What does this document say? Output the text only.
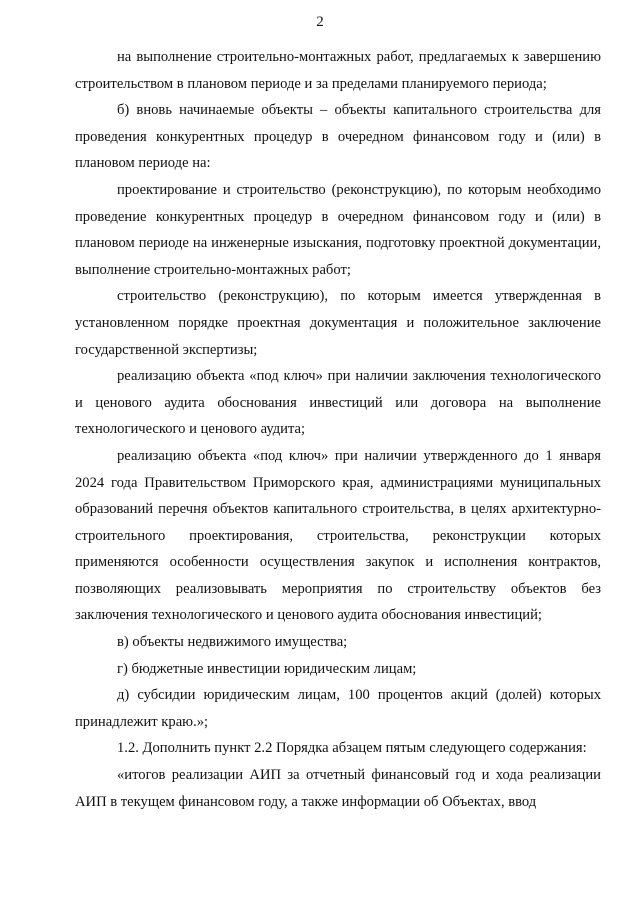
2

на выполнение строительно-монтажных работ, предлагаемых к завершению строительством в плановом периоде и за пределами планируемого периода;

б) вновь начинаемые объекты – объекты капитального строительства для проведения конкурентных процедур в очередном финансовом году и (или) в плановом периоде на:

проектирование и строительство (реконструкцию), по которым необходимо проведение конкурентных процедур в очередном финансовом году и (или) в плановом периоде на инженерные изыскания, подготовку проектной документации, выполнение строительно-монтажных работ;

строительство (реконструкцию), по которым имеется утвержденная в установленном порядке проектная документация и положительное заключение государственной экспертизы;

реализацию объекта «под ключ» при наличии заключения технологического и ценового аудита обоснования инвестиций или договора на выполнение технологического и ценового аудита;

реализацию объекта «под ключ» при наличии утвержденного до 1 января 2024 года Правительством Приморского края, администрациями муниципальных образований перечня объектов капитального строительства, в целях архитектурно-строительного проектирования, строительства, реконструкции которых применяются особенности осуществления закупок и исполнения контрактов, позволяющих реализовывать мероприятия по строительству объектов без заключения технологического и ценового аудита обоснования инвестиций;

в) объекты недвижимого имущества;

г) бюджетные инвестиции юридическим лицам;

д) субсидии юридическим лицам, 100 процентов акций (долей) которых принадлежит краю.»;

1.2. Дополнить пункт 2.2 Порядка абзацем пятым следующего содержания:

«итогов реализации АИП за отчетный финансовый год и хода реализации АИП в текущем финансовом году, а также информации об Объектах, ввод
